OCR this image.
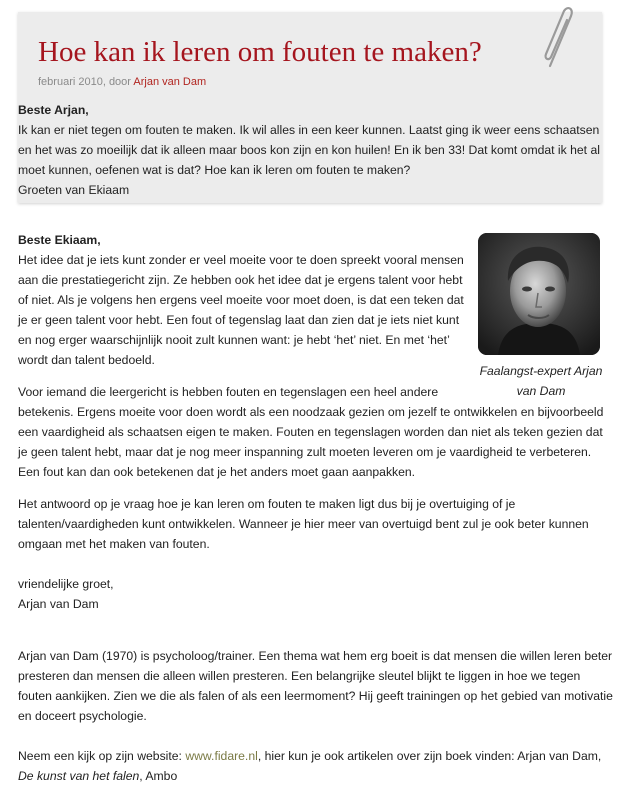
Hoe kan ik leren om fouten te maken?
februari 2010, door Arjan van Dam
Beste Arjan,
Ik kan er niet tegen om fouten te maken. Ik wil alles in een keer kunnen. Laatst ging ik weer eens schaatsen
en het was zo moeilijk dat ik alleen maar boos kon zijn en kon huilen! En ik ben 33! Dat komt omdat ik het al
moet kunnen, oefenen wat is dat? Hoe kan ik leren om fouten te maken?
Groeten van Ekiaam
Faalangst-expert Arjan
van Dam
Beste Ekiaam,
Het idee dat je iets kunt zonder er veel moeite voor te doen spreekt vooral mensen
aan die prestatiegericht zijn. Ze hebben ook het idee dat je ergens talent voor hebt
of niet. Als je volgens hen ergens veel moeite voor moet doen, is dat een teken dat
je er geen talent voor hebt. Een fout of tegenslag laat dan zien dat je iets niet kunt
en nog erger waarschijnlijk nooit zult kunnen want: je hebt ‘het’ niet. En met ‘het’
wordt dan talent bedoeld.
Voor iemand die leergericht is hebben fouten en tegenslagen een heel andere
betekenis. Ergens moeite voor doen wordt als een noodzaak gezien om jezelf te ontwikkelen en bijvoorbeeld
een vaardigheid als schaatsen eigen te maken. Fouten en tegenslagen worden dan niet als teken gezien dat
je geen talent hebt, maar dat je nog meer inspanning zult moeten leveren om je vaardigheid te verbeteren.
Een fout kan dan ook betekenen dat je het anders moet gaan aanpakken.
Het antwoord op je vraag hoe je kan leren om fouten te maken ligt dus bij je overtuiging of je
talenten/vaardigheden kunt ontwikkelen. Wanneer je hier meer van overtuigd bent zul je ook beter kunnen
omgaan met het maken van fouten.
vriendelijke groet,
Arjan van Dam
Arjan van Dam (1970) is psycholoog/trainer. Een thema wat hem erg boeit is dat mensen die willen leren beter
presteren dan mensen die alleen willen presteren. Een belangrijke sleutel blijkt te liggen in hoe we tegen
fouten aankijken. Zien we die als falen of als een leermoment? Hij geeft trainingen op het gebied van motivatie
en doceert psychologie.
Neem een kijk op zijn website: www.fidare.nl, hier kun je ook artikelen over zijn boek vinden: Arjan van Dam,
De kunst van het falen, Ambo
